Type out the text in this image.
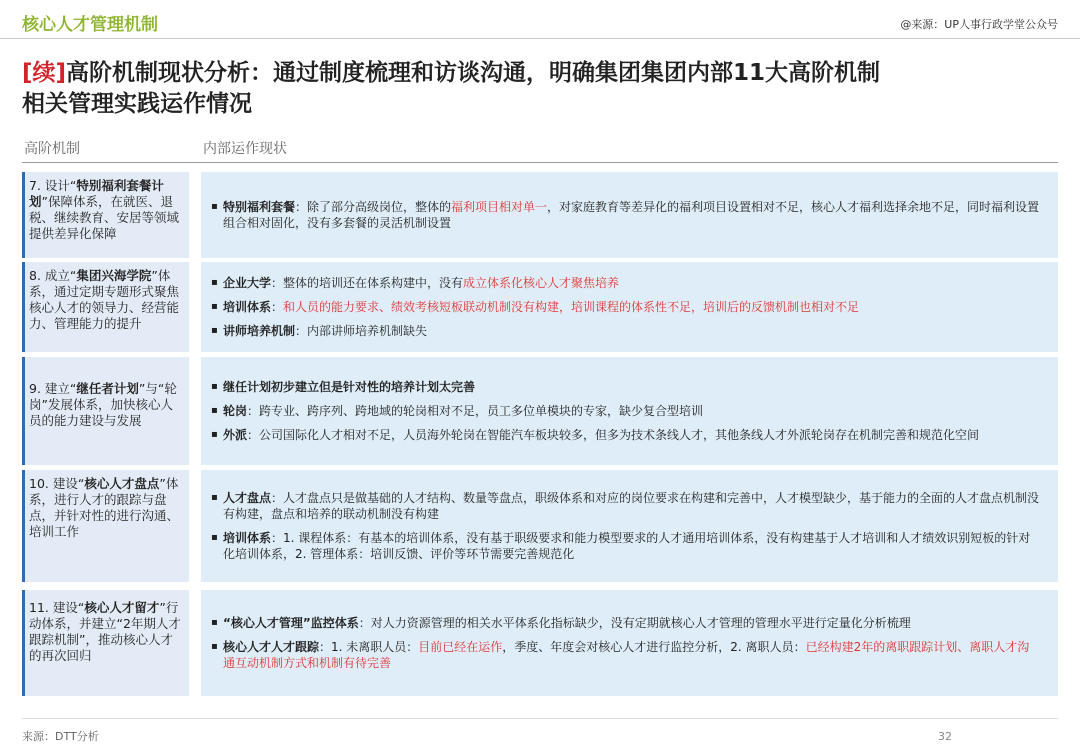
核心人才管理机制	@来源：UP人事行政学堂公众号
[续]高阶机制现状分析：通过制度梳理和访谈沟通，明确集团集团内部11大高阶机制
相关管理实践运作情况
高阶机制	内部运作现状
7. 设计“特别福利套餐计划”保障体系，在就医、退税、继续教育、安居等领域提供差异化保障
▪ 特别福利套餐：除了部分高级岗位，整体的福利项目相对单一，对家庭教育等差异化的福利项目设置相对不足，核心人才福利选择余地不足，同时福利设置组合相对固化，没有多套餐的灵活机制设置
8. 成立“集团兴海学院”体系，通过定期专题形式聚焦核心人才的领导力、经营能力、管理能力的提升
▪ 企业大学：整体的培训还在体系构建中，没有成立体系化核心人才聚焦培养
▪ 培训体系：和人员的能力要求、绩效考核短板联动机制没有构建，培训课程的体系性不足，培训后的反馈机制也相对不足
▪ 讲师培养机制：内部讲师培养机制缺失
9. 建立“继任者计划”与“轮岗”发展体系，加快核心人员的能力建设与发展
▪ 继任计划初步建立但是针对性的培养计划太完善
▪ 轮岗：跨专业、跨序列、跨地域的轮岗相对不足，员工多位单模块的专家，缺少复合型培训
▪ 外派：公司国际化人才相对不足，人员海外轮岗在智能汽车板块较多，但多为技术条线人才，其他条线人才外派轮岗存在机制完善和规范化空间
10. 建设“核心人才盘点”体系，进行人才的跟踪与盘点，并针对性的进行沟通、培训工作
▪ 人才盘点：人才盘点只是做基础的人才结构、数量等盘点，职级体系和对应的岗位要求在构建和完善中，人才模型缺少，基于能力的全面的人才盘点机制没有构建，盘点和培养的联动机制没有构建
▪ 培训体系：1. 课程体系：有基本的培训体系，没有基于职级要求和能力模型要求的人才通用培训体系，没有构建基于人才培训和人才绩效识别短板的针对化培训体系，2. 管理体系：培训反馈、评价等环节需要完善规范化
11. 建设“核心人才留才”行动体系，并建立“2年期人才跟踪机制”，推动核心人才的再次回归
▪ “核心人才管理”监控体系：对人力资源管理的相关水平体系化指标缺少，没有定期就核心人才管理的管理水平进行定量化分析梳理
▪ 核心人才人才跟踪：1. 未离职人员：目前已经在运作，季度、年度会对核心人才进行监控分析，2. 离职人员：已经构建2年的离职跟踪计划、离职人才沟通互动机制方式和机制有待完善
来源：DTT分析	32
